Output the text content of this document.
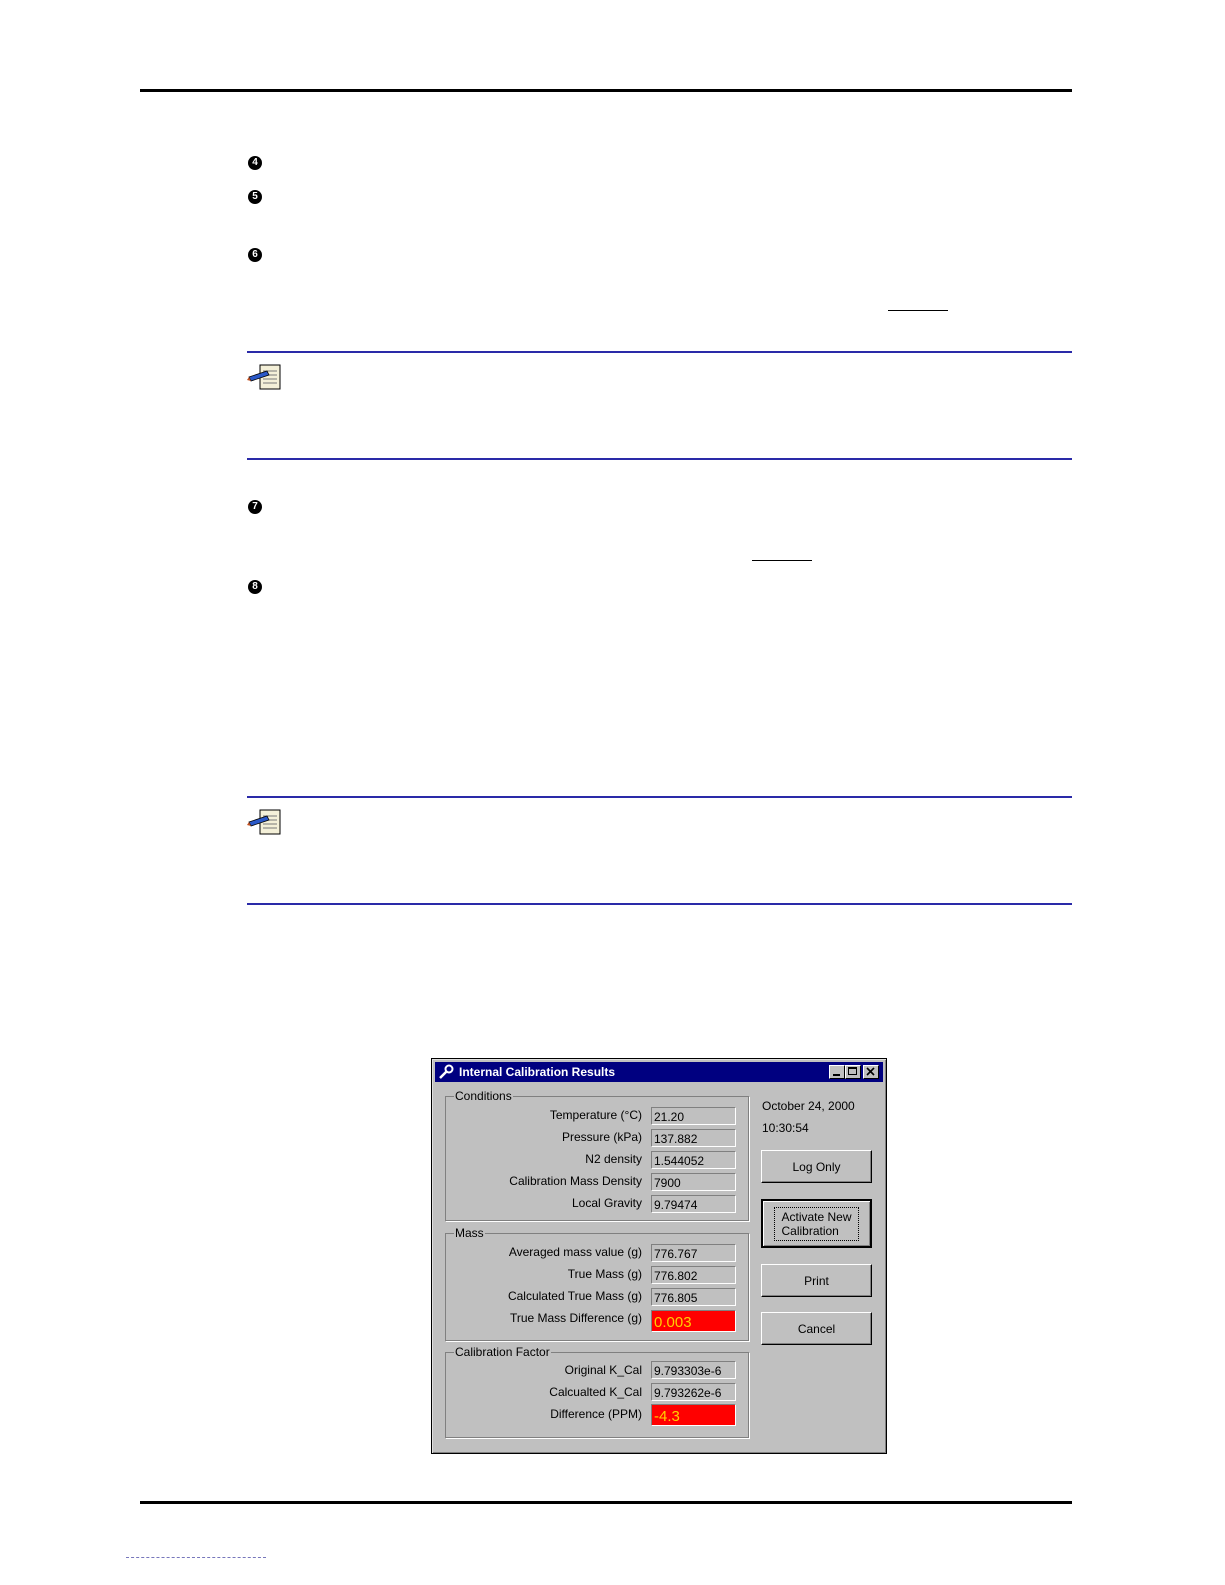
4
5
6
7
8
Internal Calibration Results
Conditions
Temperature (°C) 21.20
Pressure (kPa) 137.882
N2 density 1.544052
Calibration Mass Density 7900
Local Gravity 9.79474
Mass
Averaged mass value (g) 776.767
True Mass (g) 776.802
Calculated True Mass (g) 776.805
True Mass Difference (g) 0.003
Calibration Factor
Original K_Cal 9.793303e-6
Calcualted K_Cal 9.793262e-6
Difference (PPM) -4.3
October 24, 2000
10:30:54
Log Only
Activate New
Calibration
Print
Cancel
